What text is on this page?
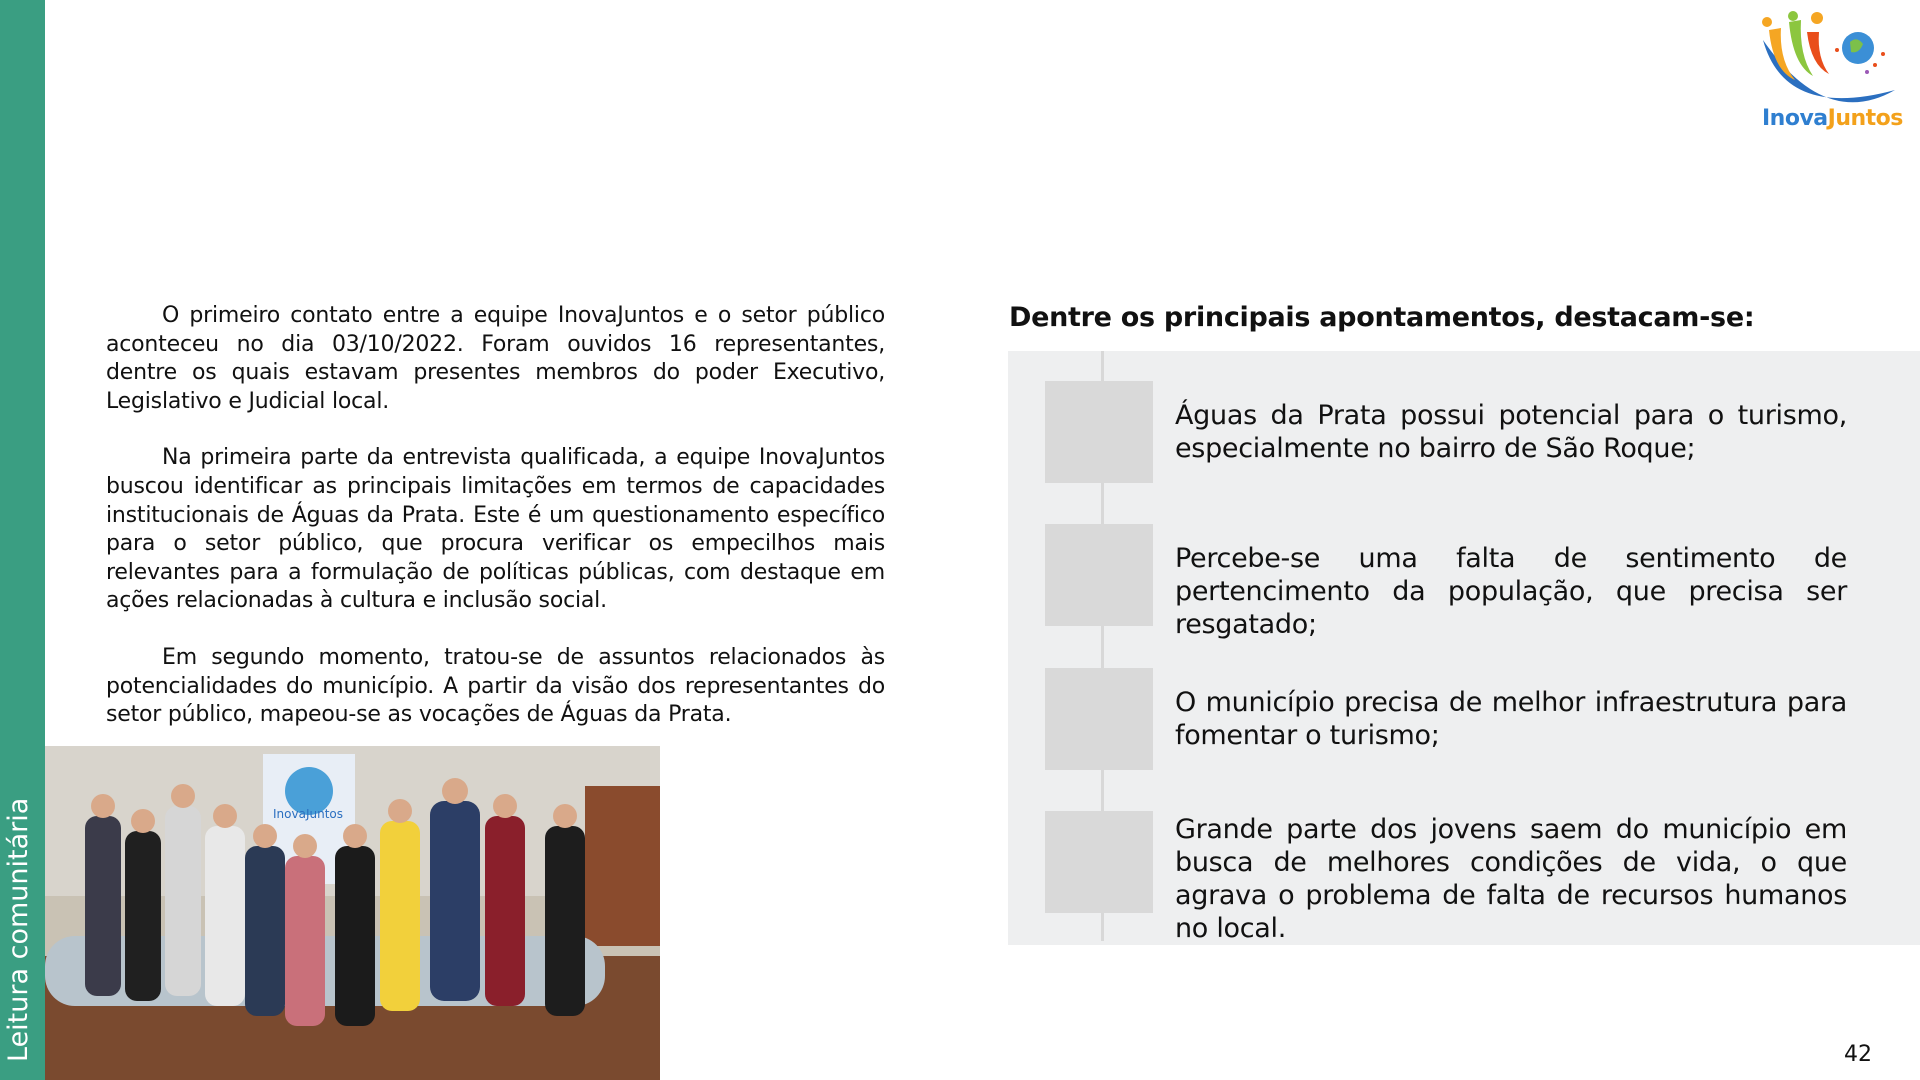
Leitura comunitária
InovaJuntos

O primeiro contato entre a equipe InovaJuntos e o setor público aconteceu no dia 03/10/2022. Foram ouvidos 16 representantes, dentre os quais estavam presentes membros do poder Executivo, Legislativo e Judicial local.

Na primeira parte da entrevista qualificada, a equipe InovaJuntos buscou identificar as principais limitações em termos de capacidades institucionais de Águas da Prata. Este é um questionamento específico para o setor público, que procura verificar os empecilhos mais relevantes para a formulação de políticas públicas, com destaque em ações relacionadas à cultura e inclusão social.

Em segundo momento, tratou-se de assuntos relacionados às potencialidades do município. A partir da visão dos representantes do setor público, mapeou-se as vocações de Águas da Prata.

InovaJuntos
Dentre os principais apontamentos, destacam-se:
Águas da Prata possui potencial para o turismo, especialmente no bairro de São Roque;
Percebe-se uma falta de sentimento de pertencimento da população, que precisa ser resgatado;
O município precisa de melhor infraestrutura para fomentar o turismo;
Grande parte dos jovens saem do município em busca de melhores condições de vida, o que agrava o problema de falta de recursos humanos no local.
42
